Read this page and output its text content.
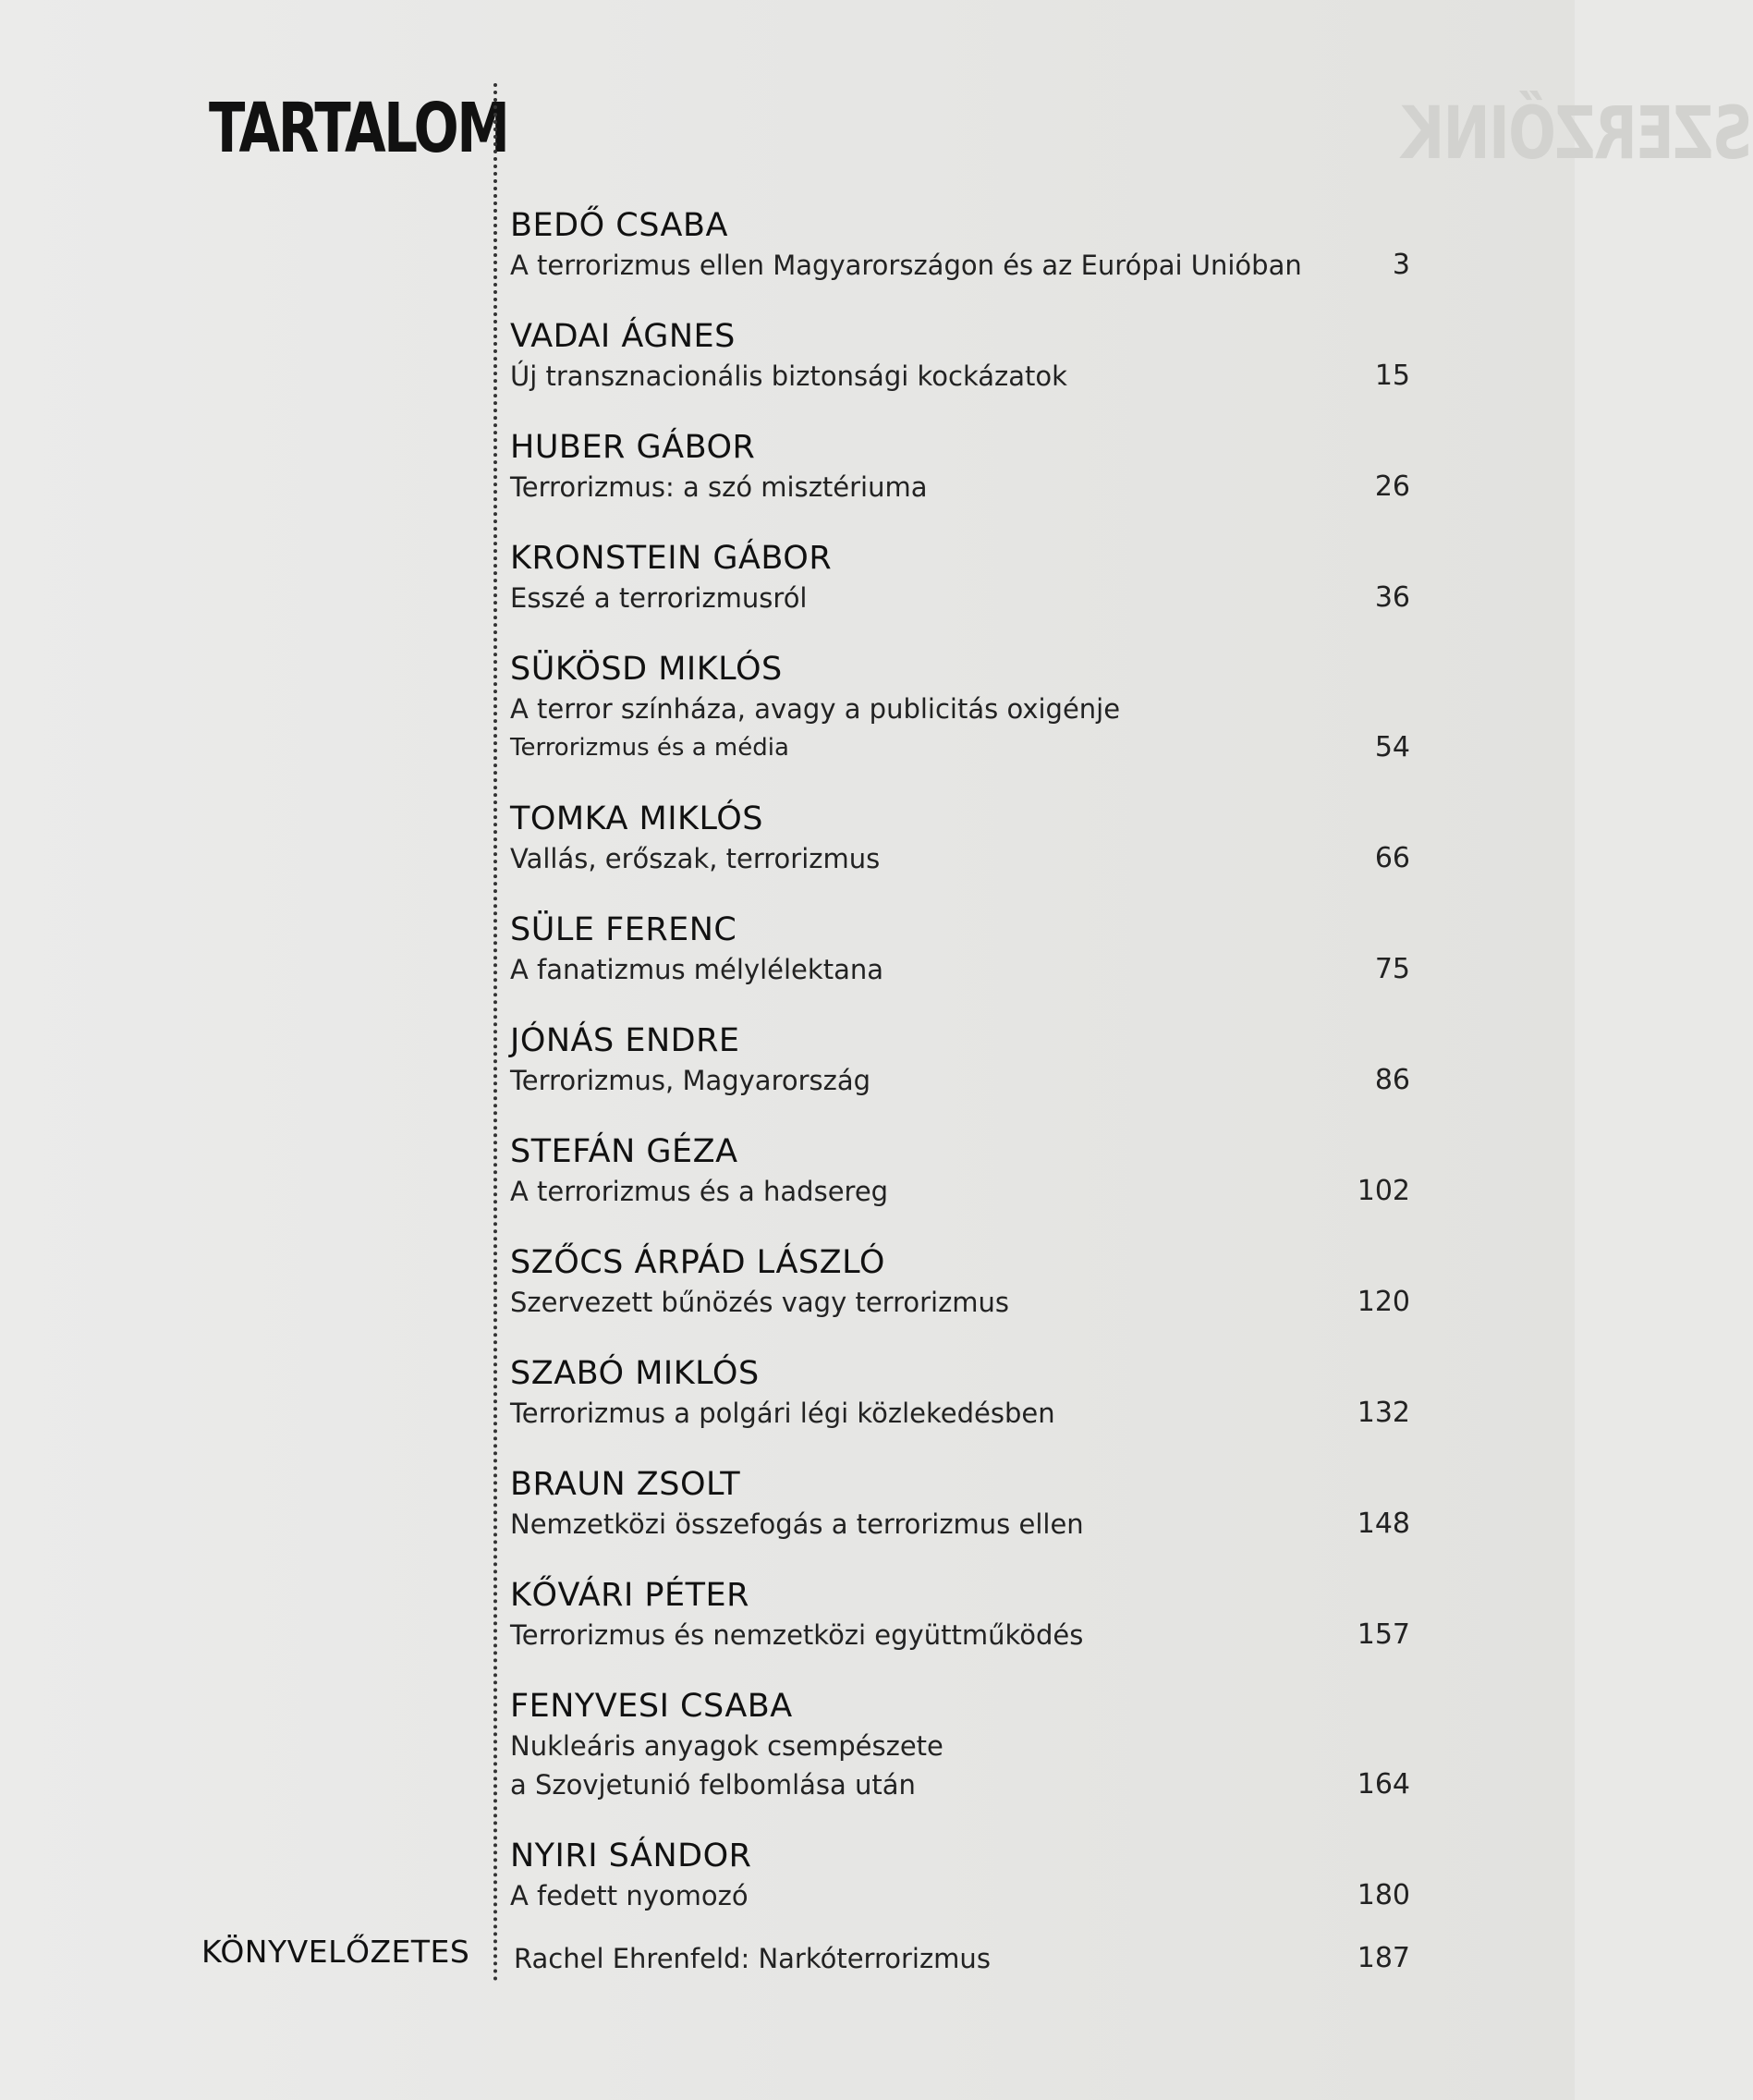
SZERZŐINK
TARTALOM
BEDŐ CSABA
A terrorizmus ellen Magyarországon és az Európai Unióban	3
VADAI ÁGNES
Új transznacionális biztonsági kockázatok	15
HUBER GÁBOR
Terrorizmus: a szó misztériuma	26
KRONSTEIN GÁBOR
Esszé a terrorizmusról	36
SÜKÖSD MIKLÓS
A terror színháza, avagy a publicitás oxigénje
Terrorizmus és a média	54
TOMKA MIKLÓS
Vallás, erőszak, terrorizmus	66
SÜLE FERENC
A fanatizmus mélylélektana	75
JÓNÁS ENDRE
Terrorizmus, Magyarország	86
STEFÁN GÉZA
A terrorizmus és a hadsereg	102
SZŐCS ÁRPÁD LÁSZLÓ
Szervezett bűnözés vagy terrorizmus	120
SZABÓ MIKLÓS
Terrorizmus a polgári légi közlekedésben	132
BRAUN ZSOLT
Nemzetközi összefogás a terrorizmus ellen	148
KŐVÁRI PÉTER
Terrorizmus és nemzetközi együttműködés	157
FENYVESI CSABA
Nukleáris anyagok csempészete
a Szovjetunió felbomlása után	164
NYIRI SÁNDOR
A fedett nyomozó	180
KÖNYVELŐZETES Rachel Ehrenfeld: Narkóterrorizmus	187
